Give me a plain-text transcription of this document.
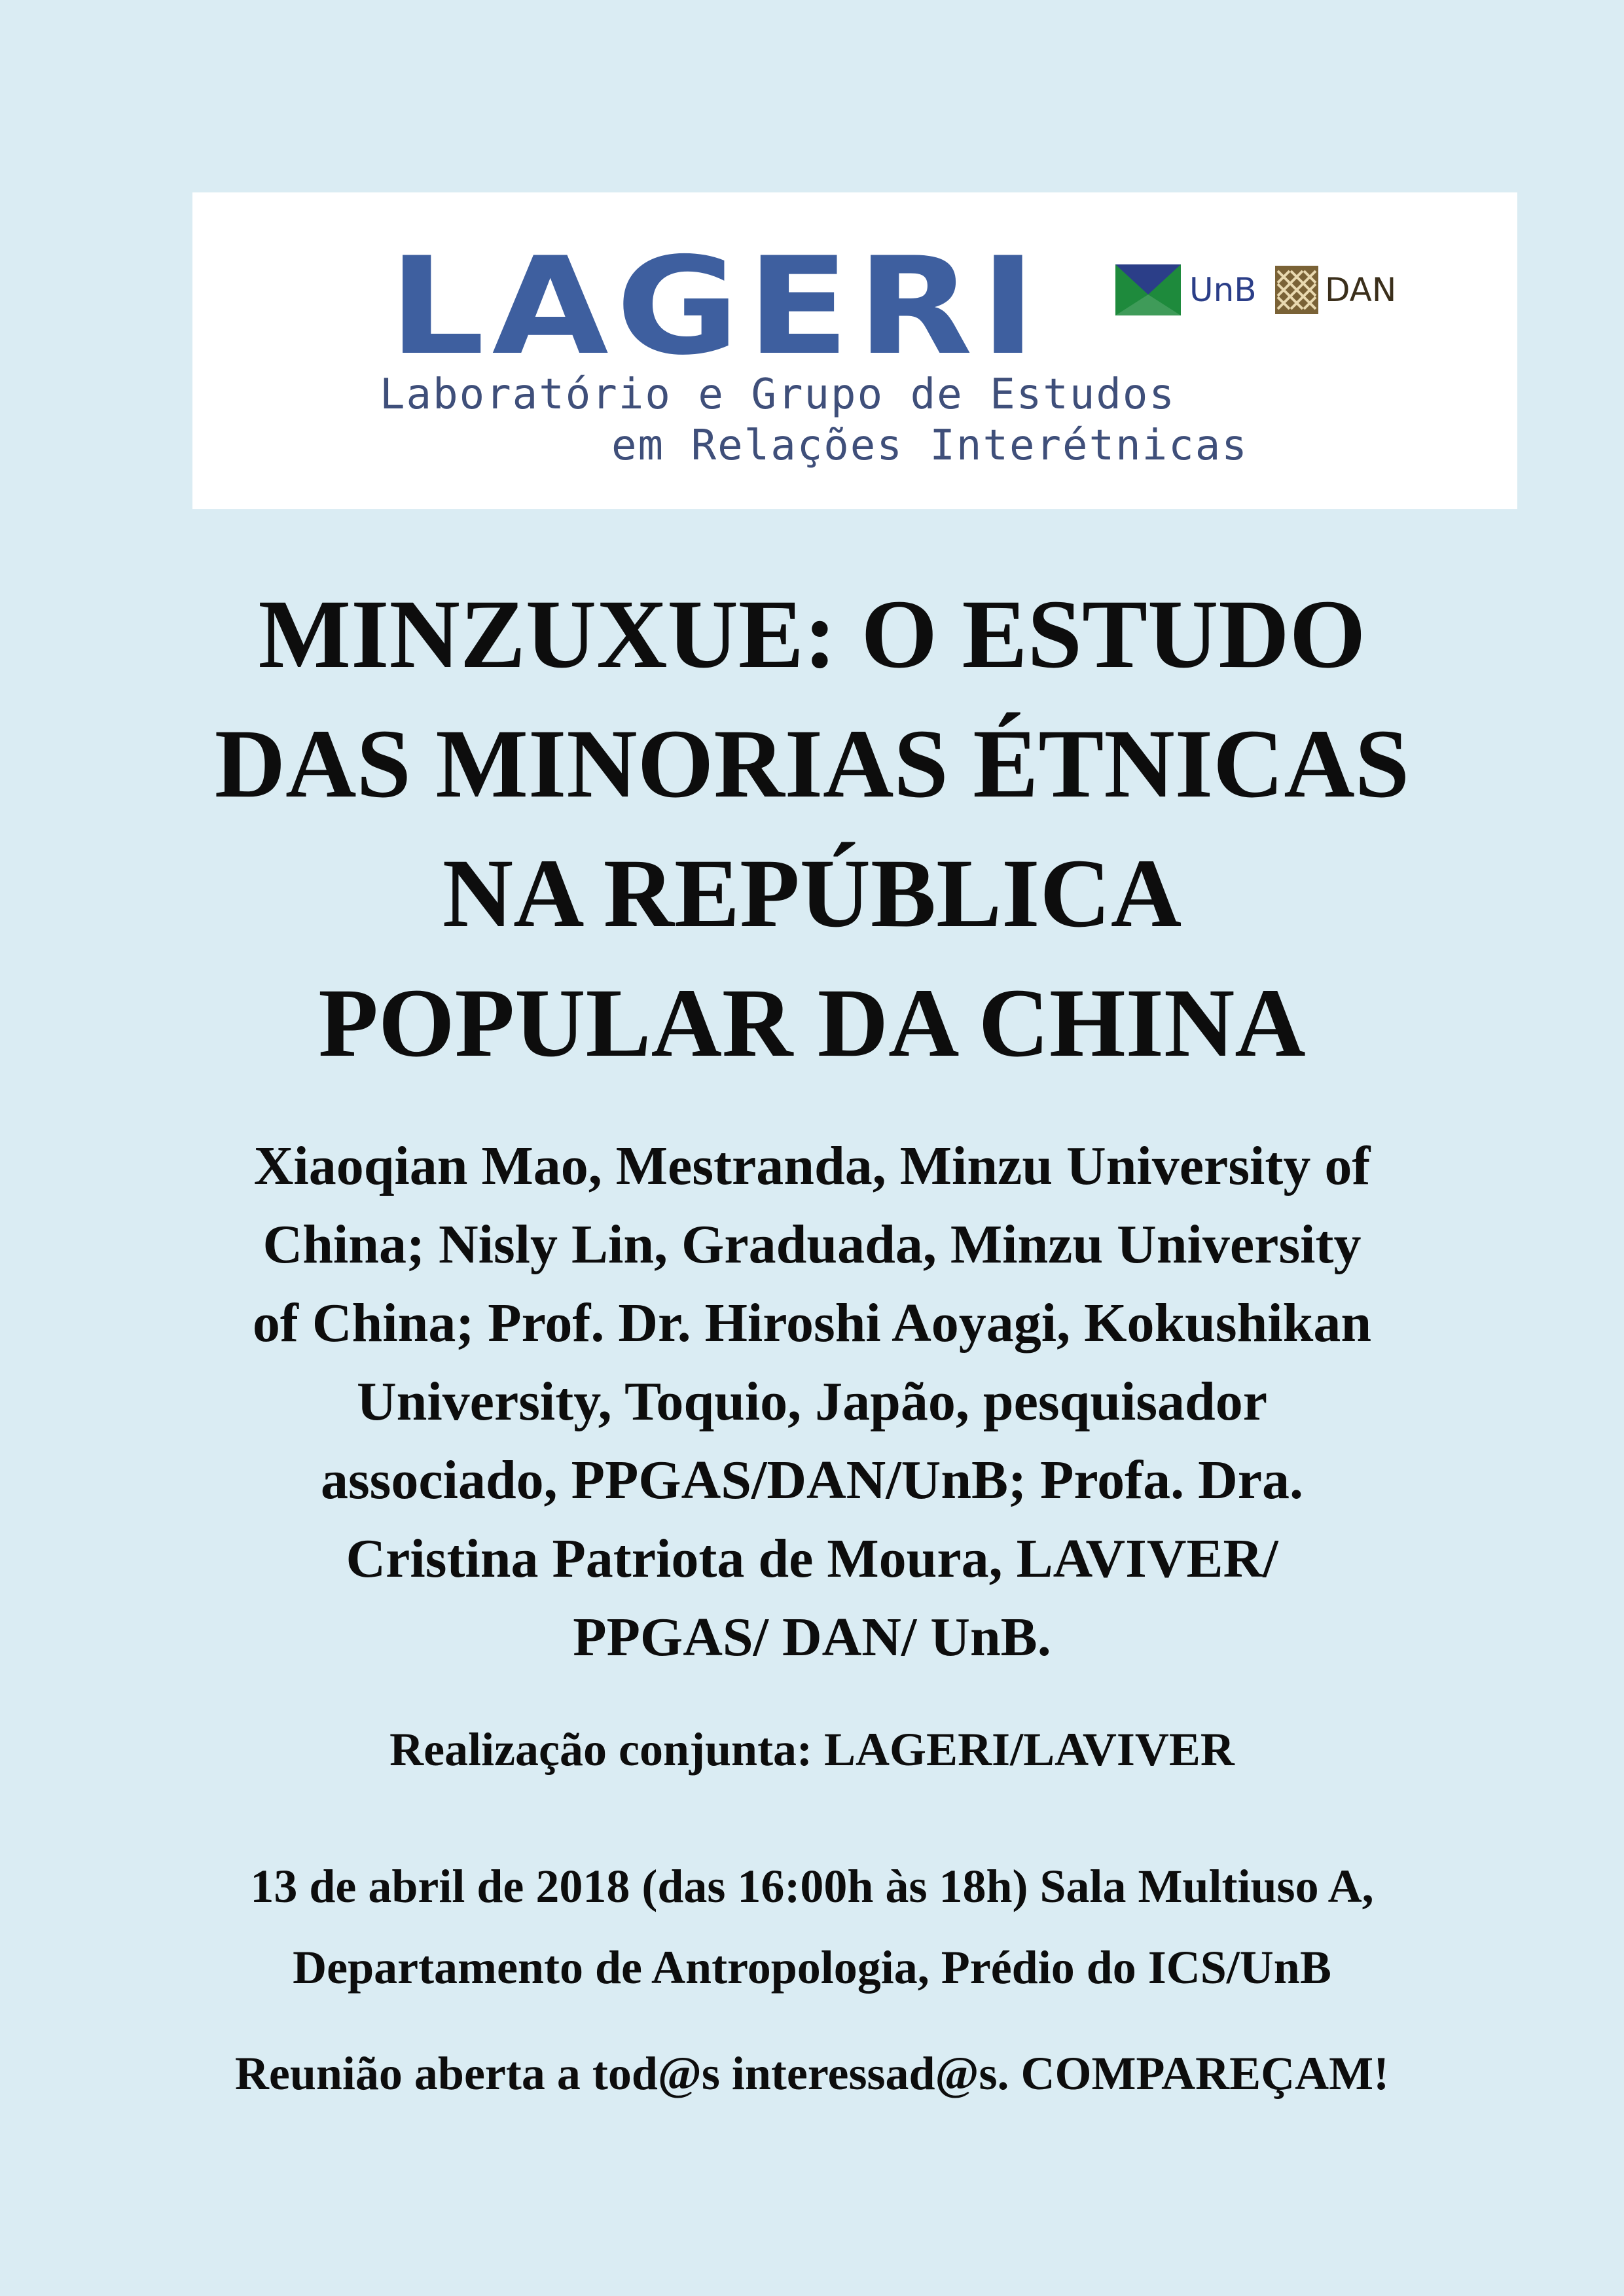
LAGERI
Laboratório e Grupo de Estudos
em Relações Interétnicas
UnB DAN
MINZUXUE: O ESTUDO
DAS MINORIAS ÉTNICAS
NA REPÚBLICA
POPULAR DA CHINA
Xiaoqian Mao, Mestranda, Minzu University of
China; Nisly Lin, Graduada, Minzu University
of China; Prof. Dr. Hiroshi Aoyagi, Kokushikan
University, Toquio, Japão, pesquisador
associado, PPGAS/DAN/UnB; Profa. Dra.
Cristina Patriota de Moura, LAVIVER/
PPGAS/ DAN/ UnB.
Realização conjunta: LAGERI/LAVIVER
13 de abril de 2018 (das 16:00h às 18h) Sala Multiuso A,
Departamento de Antropologia, Prédio do ICS/UnB
Reunião aberta a tod@s interessad@s. COMPAREÇAM!
